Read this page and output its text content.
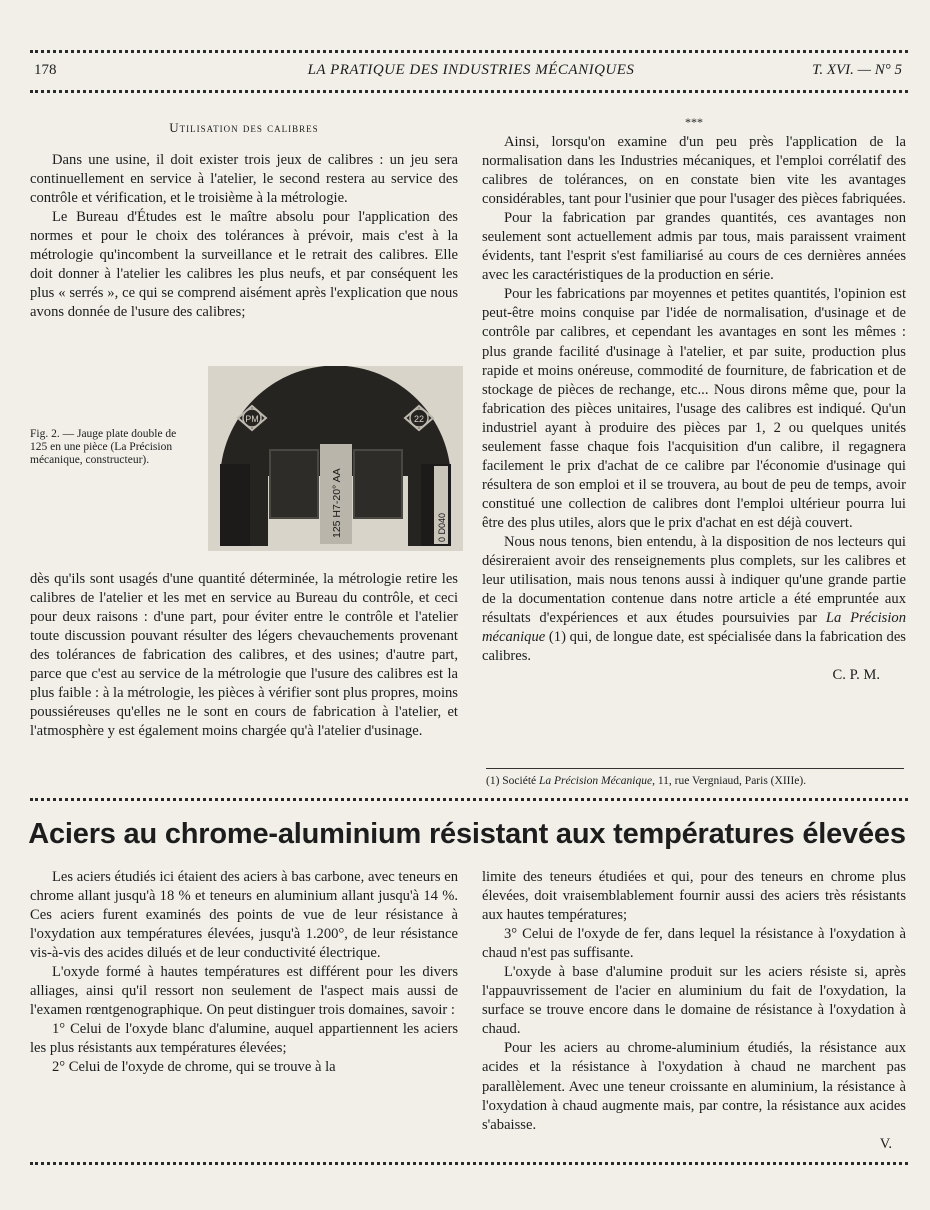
178	LA PRATIQUE DES INDUSTRIES MÉCANIQUES	T. XVI. — N° 5

Utilisation des calibres

Dans une usine, il doit exister trois jeux de calibres : un jeu sera continuellement en service à l'atelier, le second restera au service des contrôle et vérification, et le troisième à la métrologie.

Le Bureau d'Études est le maître absolu pour l'application des normes et pour le choix des tolérances à prévoir, mais c'est à la métrologie qu'incombent la surveillance et le retrait des calibres. Elle doit donner à l'atelier les calibres les plus neufs, et par conséquent les plus « serrés », ce qui se comprend aisément après l'explication que nous avons donnée de l'usure des calibres;

Fig. 2. — Jauge plate double de 125 en une pièce (La Précision mécanique, constructeur).
PM	22
125 H7-20° AA	0 D040

dès qu'ils sont usagés d'une quantité déterminée, la métrologie retire les calibres de l'atelier et les met en service au Bureau du contrôle, et ceci pour deux raisons : d'une part, pour éviter entre le contrôle et l'atelier toute discussion pouvant résulter des légers chevauchements provenant des tolérances de fabrication des calibres, et des usines; d'autre part, parce que c'est au service de la métrologie que l'usure des calibres est la plus faible : à la métrologie, les pièces à vérifier sont plus propres, moins poussiéreuses qu'elles ne le sont en cours de fabrication à l'atelier, et l'atmosphère y est également moins chargée qu'à l'atelier d'usinage.

***

Ainsi, lorsqu'on examine d'un peu près l'application de la normalisation dans les Industries mécaniques, et l'emploi corrélatif des calibres de tolérances, on en constate bien vite les avantages considérables, tant pour l'usinier que pour l'usager des pièces fabriquées.

Pour la fabrication par grandes quantités, ces avantages non seulement sont actuellement admis par tous, mais paraissent vraiment évidents, tant l'esprit s'est familiarisé au cours de ces dernières années avec les caractéristiques de la production en série.

Pour les fabrications par moyennes et petites quantités, l'opinion est peut-être moins conquise par l'idée de normalisation, d'usinage et de contrôle par calibres, et cependant les avantages en sont les mêmes : plus grande facilité d'usinage à l'atelier, et par suite, production plus rapide et moins onéreuse, commodité de fourniture, de fabrication et de stockage de pièces de rechange, etc... Nous dirons même que, pour la fabrication des pièces unitaires, l'usage des calibres est indiqué. Qu'un industriel ayant à produire des pièces par 1, 2 ou quelques unités seulement fasse chaque fois l'acquisition d'un calibre, il regagnera facilement le prix d'achat de ce calibre par l'économie d'usinage qui résultera de son emploi et il se trouvera, au bout de peu de temps, avoir constitué une collection de calibres dont l'emploi ultérieur pourra lui être des plus utiles, alors que le prix d'achat en est déjà couvert.

Nous nous tenons, bien entendu, à la disposition de nos lecteurs qui désireraient avoir des renseignements plus complets, sur les calibres et leur utilisation, mais nous tenons aussi à indiquer qu'une grande partie de la documentation contenue dans notre article a été empruntée aux résultats d'expériences et aux études poursuivies par La Précision mécanique (1) qui, de longue date, est spécialisée dans la fabrication des calibres.

C. P. M.
(1) Société La Précision Mécanique, 11, rue Vergniaud, Paris (XIIIe).
Aciers au chrome-aluminium résistant aux températures élevées

Les aciers étudiés ici étaient des aciers à bas carbone, avec teneurs en chrome allant jusqu'à 18 % et teneurs en aluminium allant jusqu'à 14 %. Ces aciers furent examinés des points de vue de leur résistance à l'oxydation aux températures élevées, jusqu'à 1.200°, de leur résistance vis-à-vis des acides dilués et de leur conductivité électrique.

L'oxyde formé à hautes températures est différent pour les divers alliages, ainsi qu'il ressort non seulement de l'aspect mais aussi de l'examen rœntgenographique. On peut distinguer trois domaines, savoir :

1° Celui de l'oxyde blanc d'alumine, auquel appartiennent les aciers les plus résistants aux températures élevées;

2° Celui de l'oxyde de chrome, qui se trouve à la

limite des teneurs étudiées et qui, pour des teneurs en chrome plus élevées, doit vraisemblablement fournir aussi des aciers très résistants aux hautes températures;

3° Celui de l'oxyde de fer, dans lequel la résistance à l'oxydation à chaud n'est pas suffisante.

L'oxyde à base d'alumine produit sur les aciers résiste si, après l'appauvrissement de l'acier en aluminium du fait de l'oxydation, la surface se trouve encore dans le domaine de résistance à l'oxydation à chaud.

Pour les aciers au chrome-aluminium étudiés, la résistance aux acides et la résistance à l'oxydation à chaud ne marchent pas parallèlement. Avec une teneur croissante en aluminium, la résistance à l'oxydation à chaud augmente mais, par contre, la résistance aux acides s'abaisse.

V.
